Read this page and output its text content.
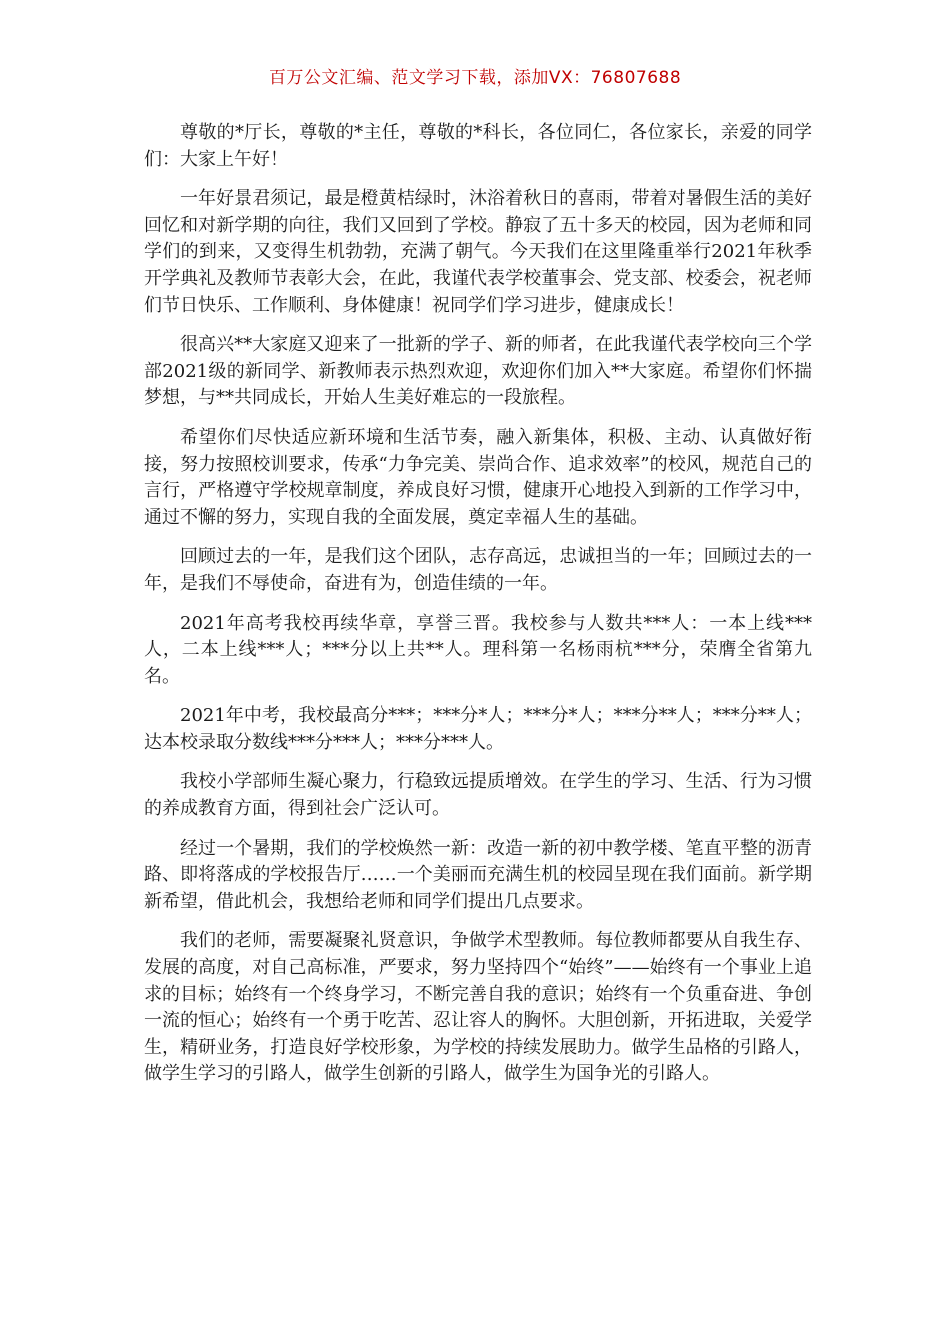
百万公文汇编、范文学习下载，添加VX：76807688

尊敬的*厅长，尊敬的*主任，尊敬的*科长，各位同仁，各位家长，亲爱的同学们：大家上午好！

一年好景君须记，最是橙黄桔绿时，沐浴着秋日的喜雨，带着对暑假生活的美好回忆和对新学期的向往，我们又回到了学校。静寂了五十多天的校园，因为老师和同学们的到来，又变得生机勃勃，充满了朝气。今天我们在这里隆重举行2021年秋季开学典礼及教师节表彰大会，在此，我谨代表学校董事会、党支部、校委会，祝老师们节日快乐、工作顺利、身体健康！祝同学们学习进步，健康成长！

很高兴**大家庭又迎来了一批新的学子、新的师者，在此我谨代表学校向三个学部2021级的新同学、新教师表示热烈欢迎，欢迎你们加入**大家庭。希望你们怀揣梦想，与**共同成长，开始人生美好难忘的一段旅程。

希望你们尽快适应新环境和生活节奏，融入新集体，积极、主动、认真做好衔接，努力按照校训要求，传承“力争完美、崇尚合作、追求效率”的校风，规范自己的言行，严格遵守学校规章制度，养成良好习惯，健康开心地投入到新的工作学习中，通过不懈的努力，实现自我的全面发展，奠定幸福人生的基础。

回顾过去的一年，是我们这个团队，志存高远，忠诚担当的一年；回顾过去的一年，是我们不辱使命，奋进有为，创造佳绩的一年。

2021年高考我校再续华章，享誉三晋。我校参与人数共***人：一本上线***人，二本上线***人；***分以上共**人。理科第一名杨雨杭***分，荣膺全省第九名。

2021年中考，我校最高分***；***分*人；***分*人；***分**人；***分**人；达本校录取分数线***分***人；***分***人。

我校小学部师生凝心聚力，行稳致远提质增效。在学生的学习、生活、行为习惯的养成教育方面，得到社会广泛认可。

经过一个暑期，我们的学校焕然一新：改造一新的初中教学楼、笔直平整的沥青路、即将落成的学校报告厅……一个美丽而充满生机的校园呈现在我们面前。新学期新希望，借此机会，我想给老师和同学们提出几点要求。

我们的老师，需要凝聚礼贤意识，争做学术型教师。每位教师都要从自我生存、发展的高度，对自己高标准，严要求，努力坚持四个“始终”——始终有一个事业上追求的目标；始终有一个终身学习，不断完善自我的意识；始终有一个负重奋进、争创一流的恒心；始终有一个勇于吃苦、忍让容人的胸怀。大胆创新，开拓进取，关爱学生，精研业务，打造良好学校形象，为学校的持续发展助力。做学生品格的引路人，做学生学习的引路人，做学生创新的引路人，做学生为国争光的引路人。
